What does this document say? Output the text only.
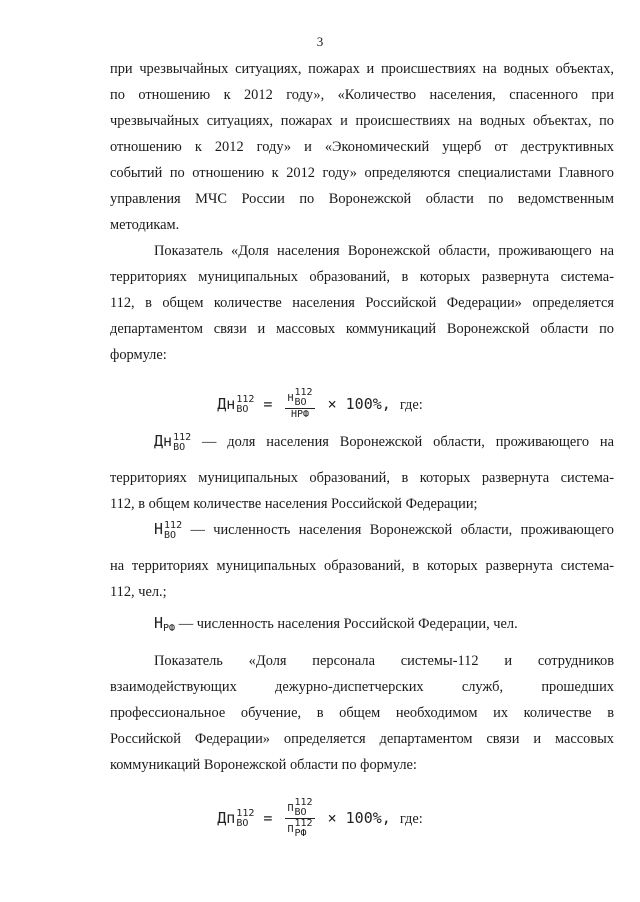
3
при чрезвычайных ситуациях, пожарах и происшествиях на водных объектах,
по отношению к 2012 году», «Количество населения, спасенного при
чрезвычайных ситуациях, пожарах и происшествиях на водных объектах, по
отношению к 2012 году» и «Экономический ущерб от деструктивных
событий по отношению к 2012 году» определяются специалистами Главного
управления МЧС России по Воронежской области по ведомственным
методикам.
Показатель «Доля населения Воронежской области, проживающего на
территориях муниципальных образований, в которых развернута система-
112, в общем количестве населения Российской Федерации» определяется
департаментом связи и массовых коммуникаций Воронежской области по
формуле:
Дн 112
ВО	= Н
112
ВО
НРФ × 100%, где:
Дн 112
ВО	— доля населения Воронежской области, проживающего на
территориях муниципальных образований, в которых развернута система-
112, в общем количестве населения Российской Федерации;
Н 112
ВО — численность населения Воронежской области, проживающего
на территориях муниципальных образований, в которых развернута система-
112, чел.;
$Н_{РФ}$ — численность населения Российской Федерации, чел.
Показатель «Доля персонала системы-112 и сотрудников
взаимодействующих дежурно-диспетчерских служб, прошедших
профессиональное обучение, в общем необходимом их количестве в
Российской Федерации» определяется департаментом связи и массовых
коммуникаций Воронежской области по формуле:
Дп 112
ВО	= П
112
ВО
П
112
РФ × 100%, где:
